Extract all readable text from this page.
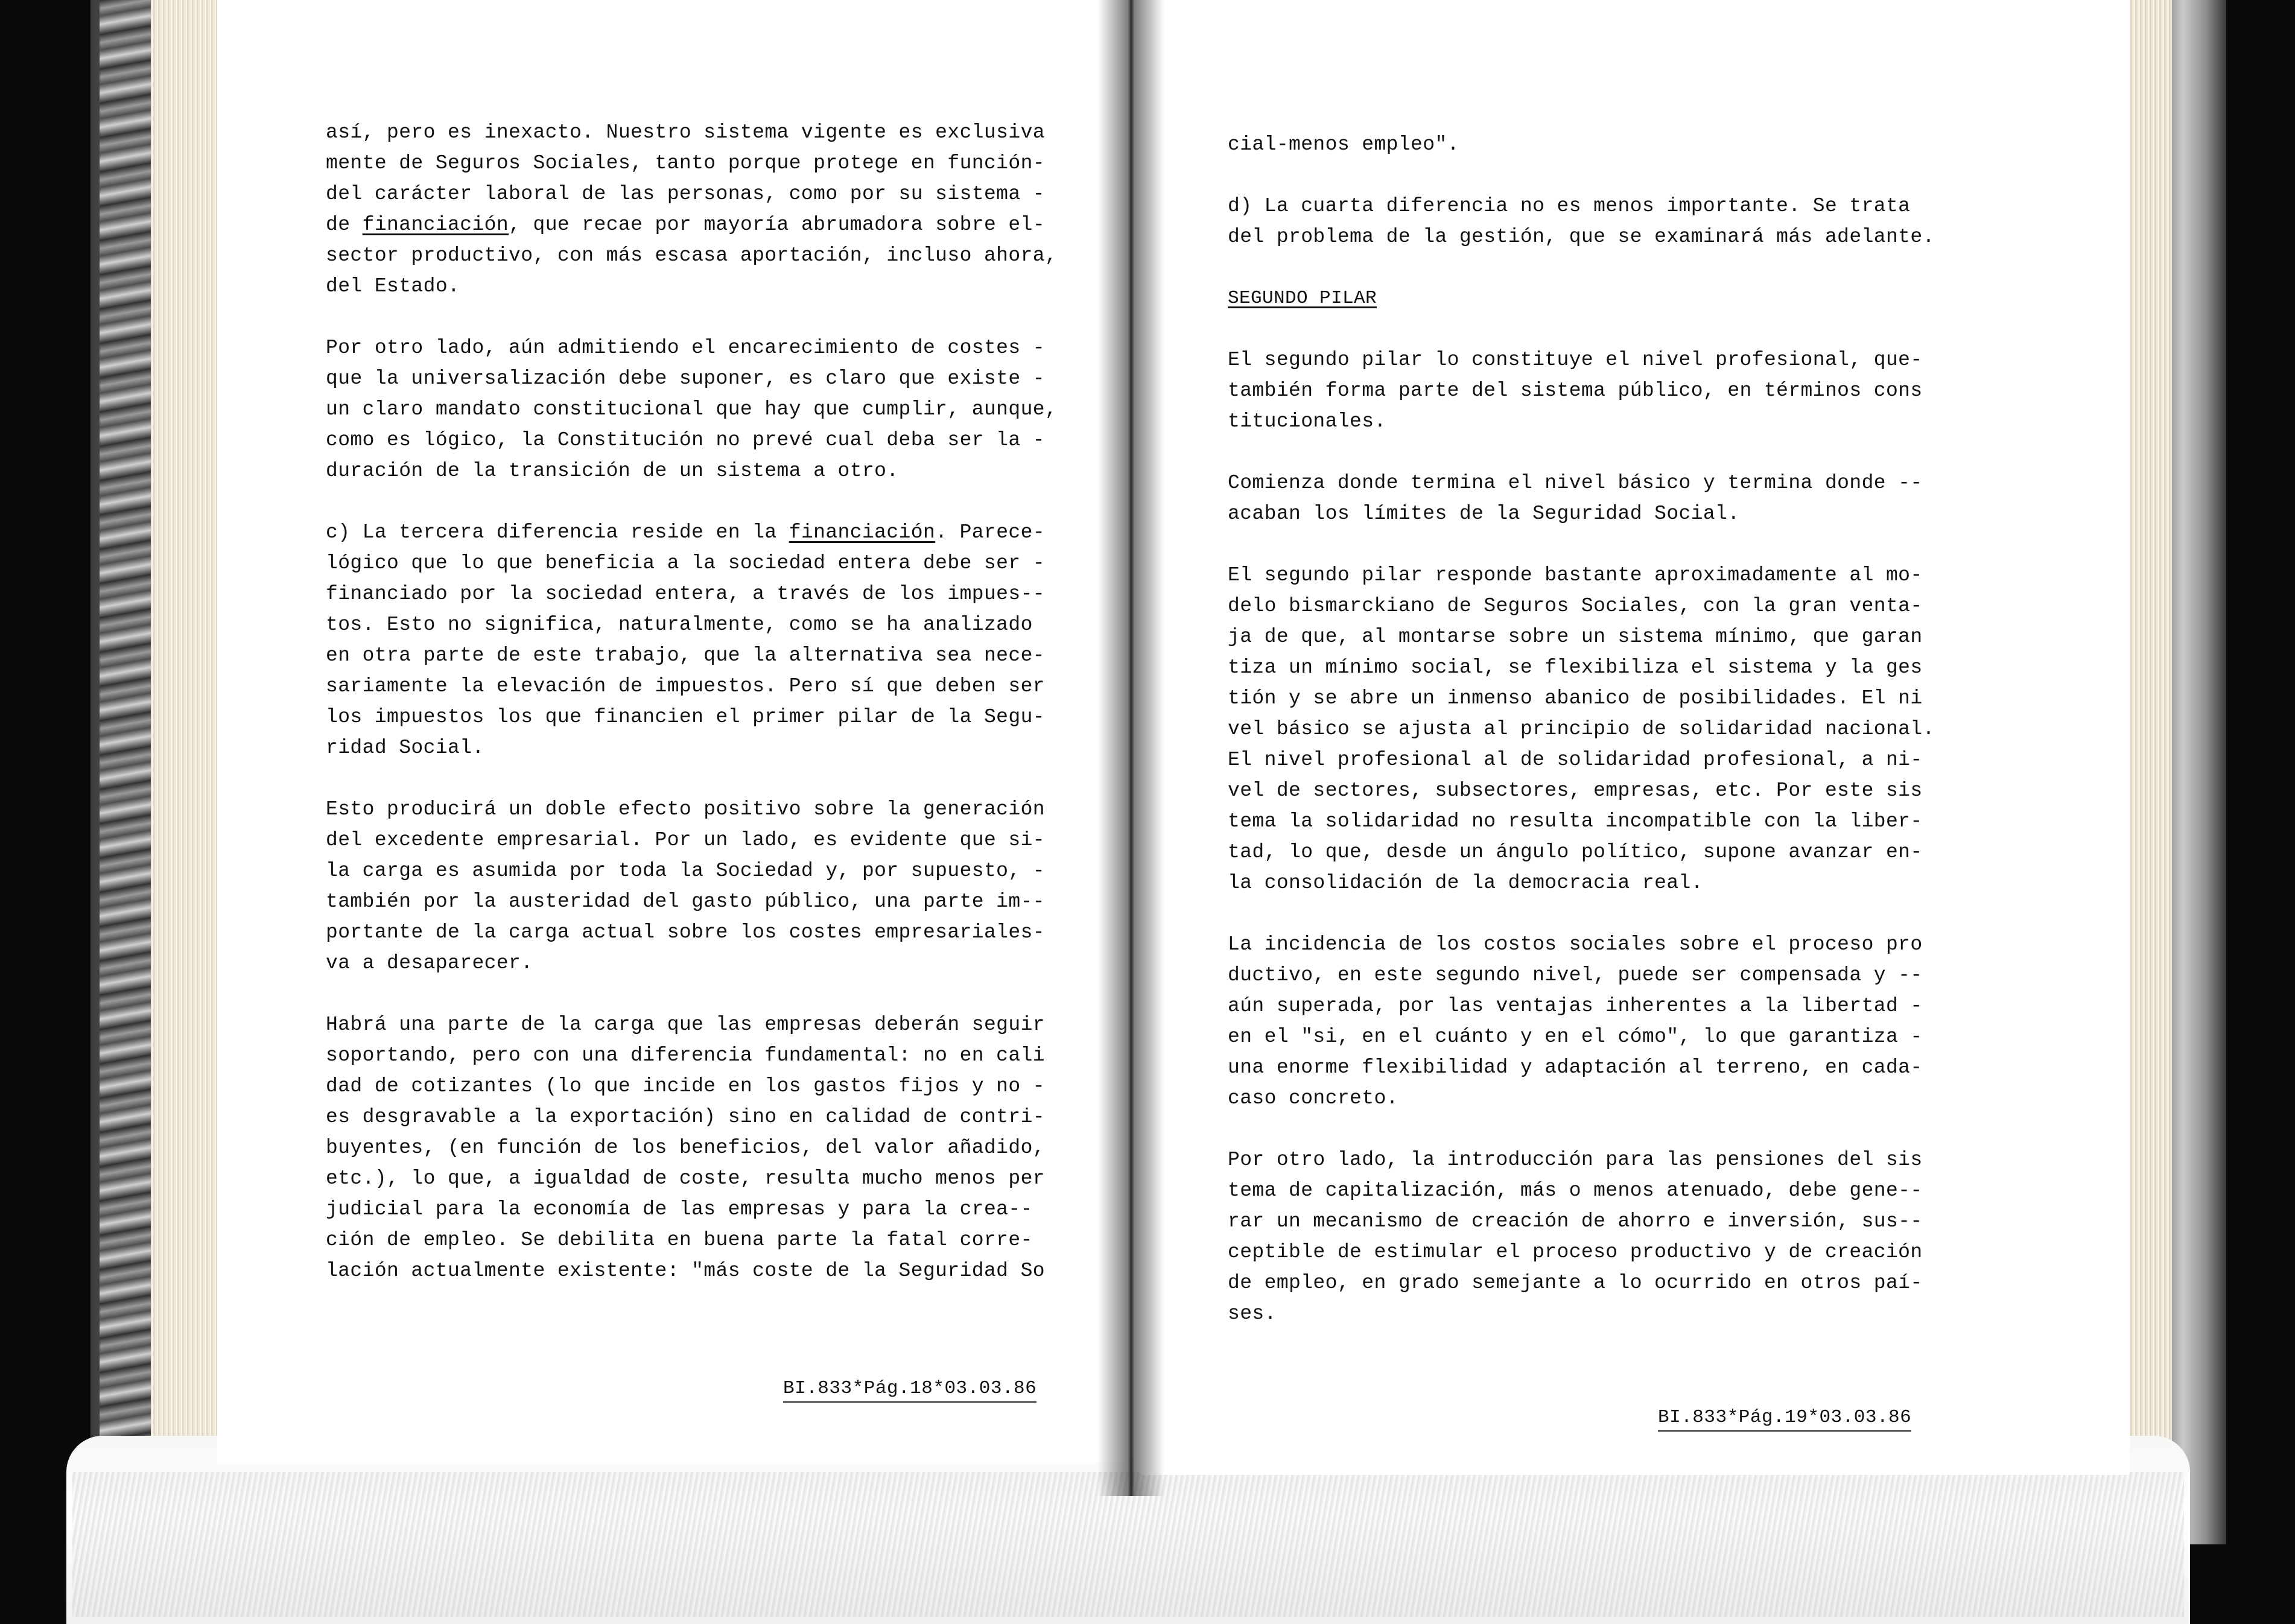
así, pero es inexacto. Nuestro sistema vigente es exclusiva
mente de Seguros Sociales, tanto porque protege en función-
del carácter laboral de las personas, como por su sistema -
de financiación, que recae por mayoría abrumadora sobre el-
sector productivo, con más escasa aportación, incluso ahora,
del Estado.
Por otro lado, aún admitiendo el encarecimiento de costes -
que la universalización debe suponer, es claro que existe -
un claro mandato constitucional que hay que cumplir, aunque,
como es lógico, la Constitución no prevé cual deba ser la -
duración de la transición de un sistema a otro.
c) La tercera diferencia reside en la financiación. Parece-
lógico que lo que beneficia a la sociedad entera debe ser -
financiado por la sociedad entera, a través de los impues--
tos. Esto no significa, naturalmente, como se ha analizado
en otra parte de este trabajo, que la alternativa sea nece-
sariamente la elevación de impuestos. Pero sí que deben ser
los impuestos los que financien el primer pilar de la Segu-
ridad Social.
Esto producirá un doble efecto positivo sobre la generación
del excedente empresarial. Por un lado, es evidente que si-
la carga es asumida por toda la Sociedad y, por supuesto, -
también por la austeridad del gasto público, una parte im--
portante de la carga actual sobre los costes empresariales-
va a desaparecer.
Habrá una parte de la carga que las empresas deberán seguir
soportando, pero con una diferencia fundamental: no en cali
dad de cotizantes (lo que incide en los gastos fijos y no -
es desgravable a la exportación) sino en calidad de contri-
buyentes, (en función de los beneficios, del valor añadido,
etc.), lo que, a igualdad de coste, resulta mucho menos per
judicial para la economía de las empresas y para la crea--
ción de empleo. Se debilita en buena parte la fatal corre-
lación actualmente existente: "más coste de la Seguridad So
BI.833*Pág.18*03.03.86
cial-menos empleo".
d) La cuarta diferencia no es menos importante. Se trata
del problema de la gestión, que se examinará más adelante.
SEGUNDO PILAR
El segundo pilar lo constituye el nivel profesional, que-
también forma parte del sistema público, en términos cons
titucionales.
Comienza donde termina el nivel básico y termina donde --
acaban los límites de la Seguridad Social.
El segundo pilar responde bastante aproximadamente al mo-
delo bismarckiano de Seguros Sociales, con la gran venta-
ja de que, al montarse sobre un sistema mínimo, que garan
tiza un mínimo social, se flexibiliza el sistema y la ges
tión y se abre un inmenso abanico de posibilidades. El ni
vel básico se ajusta al principio de solidaridad nacional.
El nivel profesional al de solidaridad profesional, a ni-
vel de sectores, subsectores, empresas, etc. Por este sis
tema la solidaridad no resulta incompatible con la liber-
tad, lo que, desde un ángulo político, supone avanzar en-
la consolidación de la democracia real.
La incidencia de los costos sociales sobre el proceso pro
ductivo, en este segundo nivel, puede ser compensada y --
aún superada, por las ventajas inherentes a la libertad -
en el "si, en el cuánto y en el cómo", lo que garantiza -
una enorme flexibilidad y adaptación al terreno, en cada-
caso concreto.
Por otro lado, la introducción para las pensiones del sis
tema de capitalización, más o menos atenuado, debe gene--
rar un mecanismo de creación de ahorro e inversión, sus--
ceptible de estimular el proceso productivo y de creación
de empleo, en grado semejante a lo ocurrido en otros paí-
ses.
BI.833*Pág.19*03.03.86
